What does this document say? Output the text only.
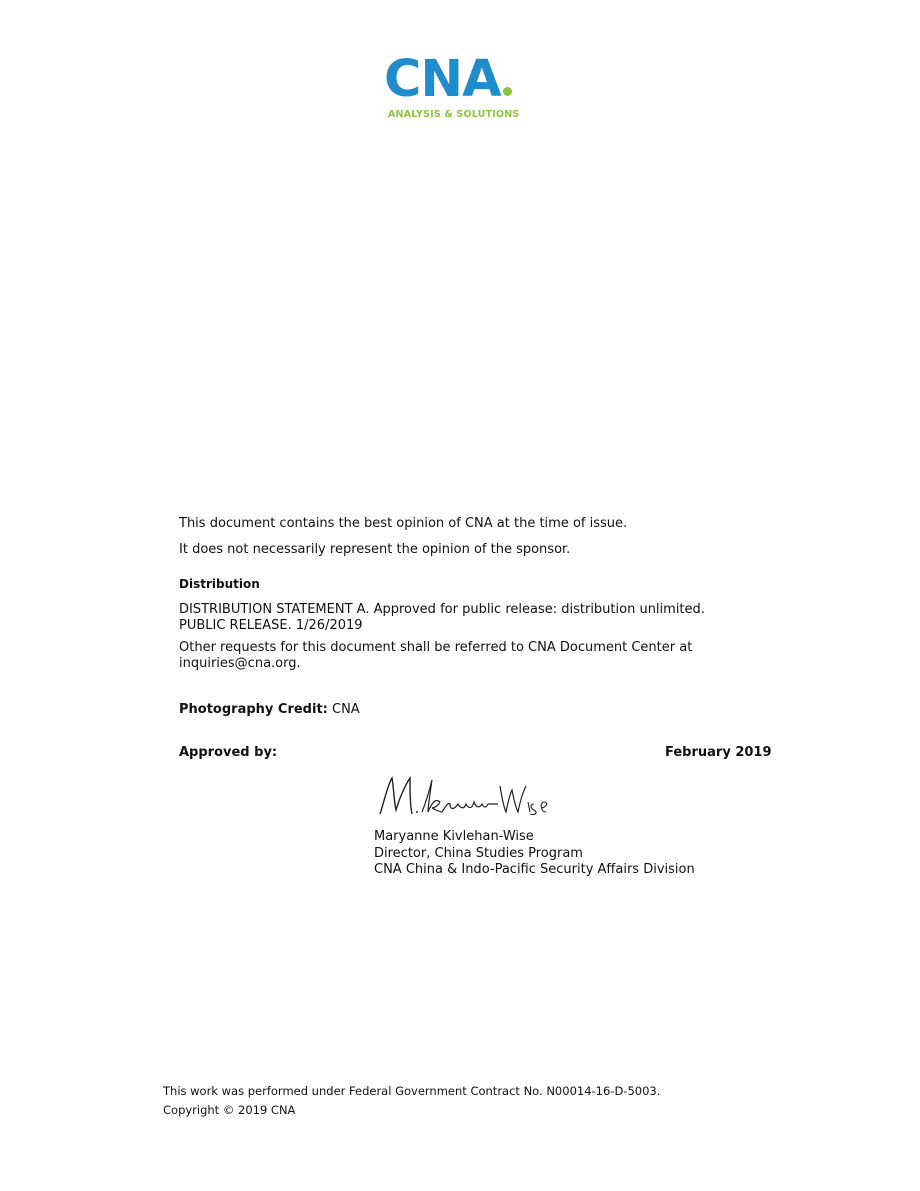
CNA
ANALYSIS & SOLUTIONS
This document contains the best opinion of CNA at the time of issue.
It does not necessarily represent the opinion of the sponsor.
Distribution
DISTRIBUTION STATEMENT A. Approved for public release: distribution unlimited.
PUBLIC RELEASE. 1/26/2019
Other requests for this document shall be referred to CNA Document Center at
inquiries@cna.org.
Photography Credit: CNA
Approved by:	February 2019
Maryanne Kivlehan-Wise
Director, China Studies Program
CNA China & Indo-Pacific Security Affairs Division
This work was performed under Federal Government Contract No. N00014-16-D-5003.
Copyright © 2019 CNA
